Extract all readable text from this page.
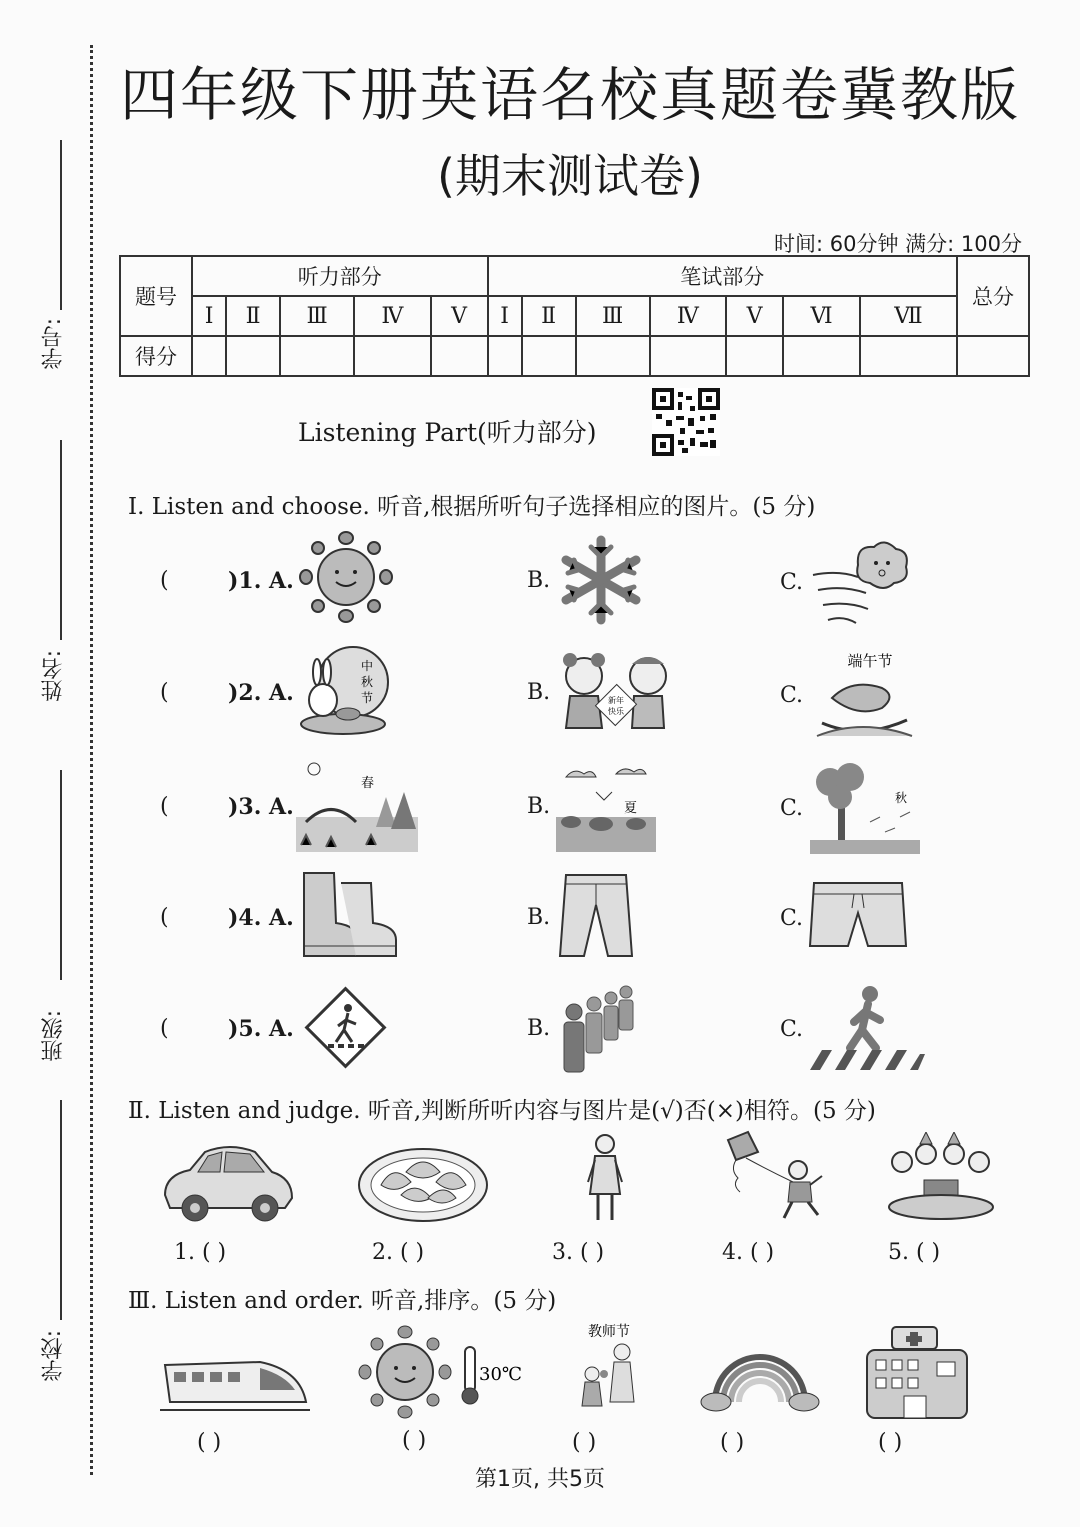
学号:
姓名:
班级:
学校:
四年级下册英语名校真题卷冀教版
(期末测试卷)
时间: 60分钟 满分: 100分
题号	听力部分					笔试部分							总分
	Ⅰ	Ⅱ	Ⅲ	Ⅳ	Ⅴ	Ⅰ	Ⅱ	Ⅲ	Ⅳ	Ⅴ	Ⅵ	Ⅶ	
得分													
Listening Part(听力部分)
Ⅰ. Listen and choose. 听音,根据所听句子选择相应的图片。(5 分)
(	)1. A.	B.	C.
(	)2. A.
中
秋
节	B.	新年
快乐
C.
端午节
(	)3. A.
春
B.	夏	C.	秋
(	)4. A.	B.	C.
(	)5. A.	B.	C.
Ⅱ. Listen and judge. 听音,判断所听内容与图片是(√)否(×)相符。(5 分)
1. ( )	2. ( )	3. ( )	4. ( )	5. ( )
Ⅲ. Listen and order. 听音,排序。(5 分)
30℃
教师节
( )	( )	( )	( )	( )
第1页, 共5页
